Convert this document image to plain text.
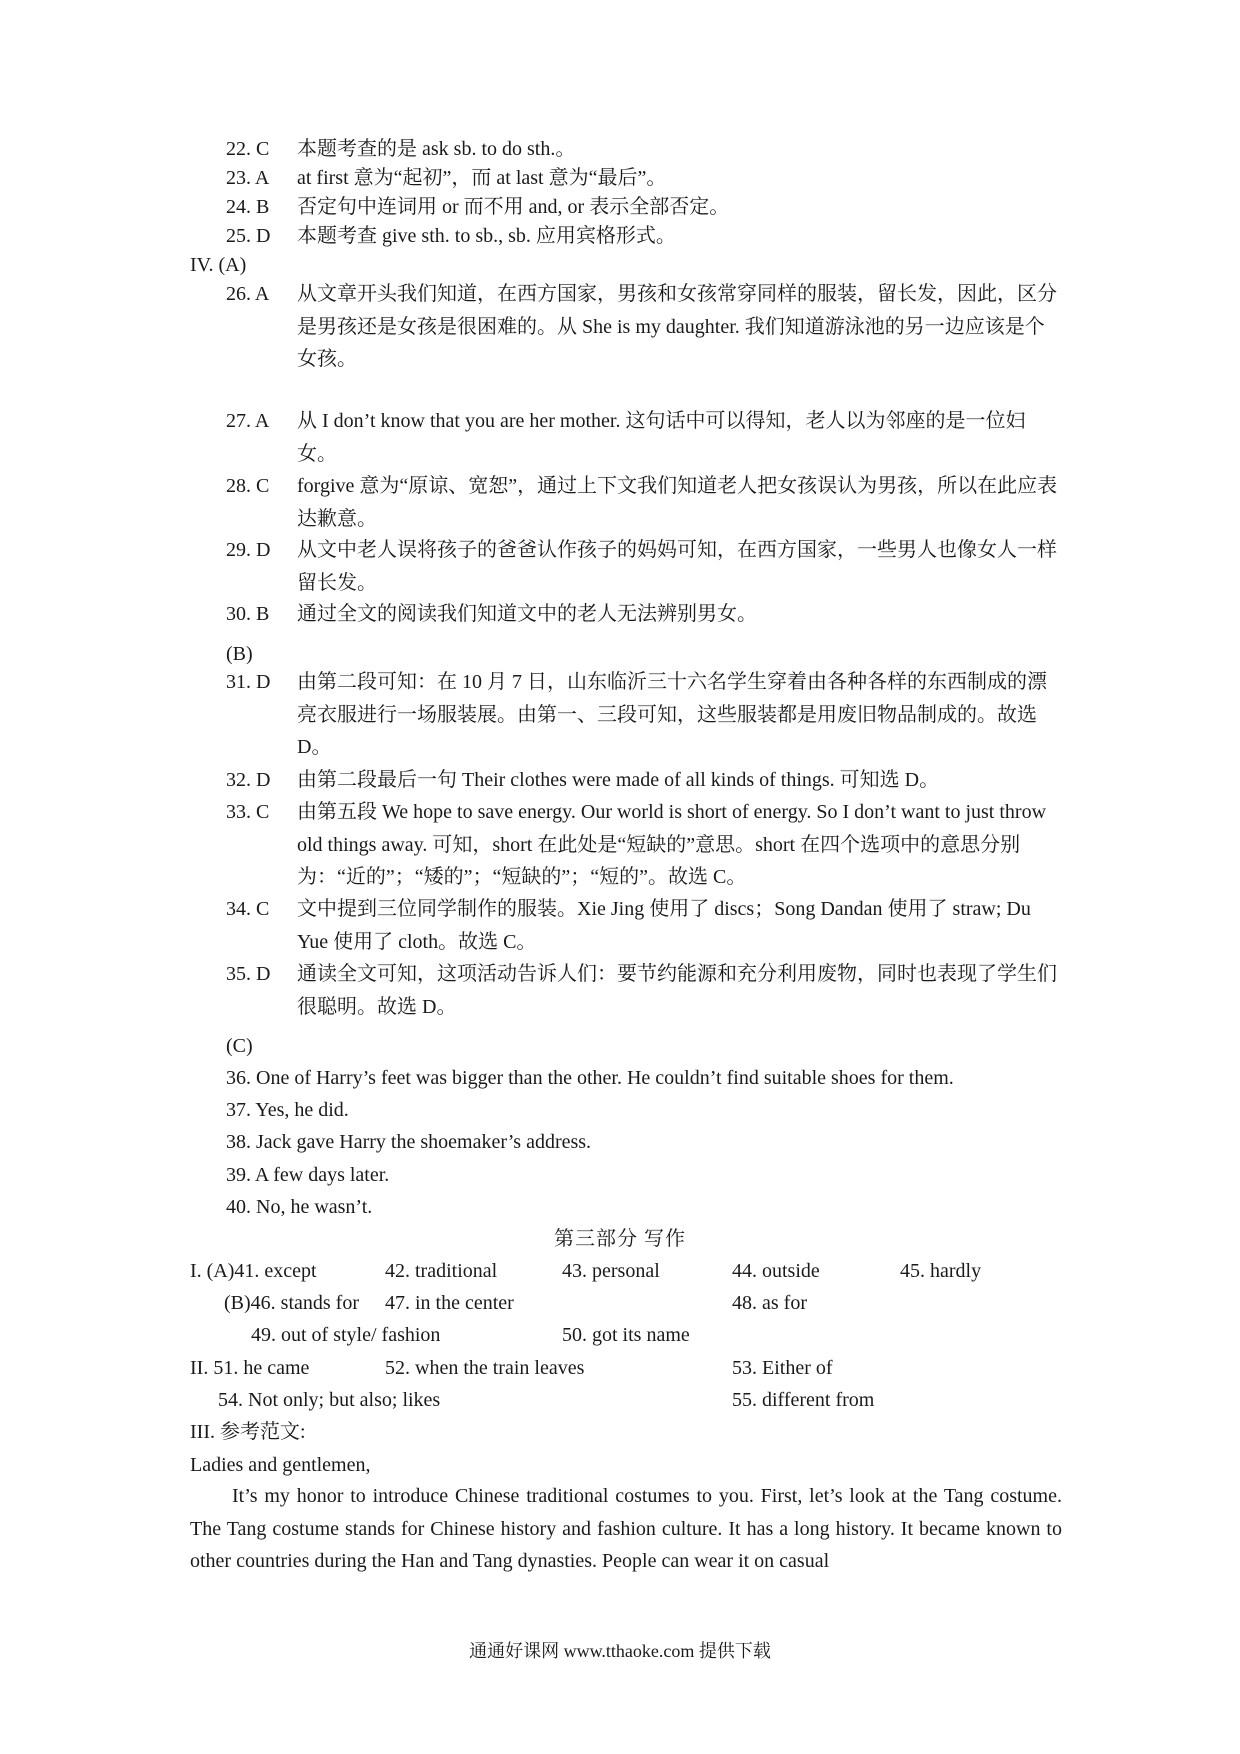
22. C	本题考查的是 ask sb. to do sth.。
23. A	at first 意为“起初”，而 at last 意为“最后”。
24. B	否定句中连词用 or 而不用 and, or 表示全部否定。
25. D	本题考查 give sth. to sb., sb. 应用宾格形式。
IV. (A)
26. A	从文章开头我们知道，在西方国家，男孩和女孩常穿同样的服装，留长发，因此，区分是男孩还是女孩是很困难的。从 She is my daughter. 我们知道游泳池的另一边应该是个女孩。
27. A	从 I don’t know that you are her mother. 这句话中可以得知，老人以为邻座的是一位妇女。
28. C	forgive 意为“原谅、宽恕”，通过上下文我们知道老人把女孩误认为男孩，所以在此应表达歉意。
29. D	从文中老人误将孩子的爸爸认作孩子的妈妈可知，在西方国家，一些男人也像女人一样留长发。
30. B	通过全文的阅读我们知道文中的老人无法辨别男女。
(B)
31. D	由第二段可知：在 10 月 7 日，山东临沂三十六名学生穿着由各种各样的东西制成的漂亮衣服进行一场服装展。由第一、三段可知，这些服装都是用废旧物品制成的。故选 D。
32. D	由第二段最后一句 Their clothes were made of all kinds of things. 可知选 D。
33. C	由第五段 We hope to save energy. Our world is short of energy. So I don’t want to just throw old things away. 可知，short 在此处是“短缺的”意思。short 在四个选项中的意思分别为：“近的”；“矮的”；“短缺的”；“短的”。故选 C。
34. C	文中提到三位同学制作的服装。Xie Jing 使用了 discs；Song Dandan 使用了 straw; Du Yue 使用了 cloth。故选 C。
35. D	通读全文可知，这项活动告诉人们：要节约能源和充分利用废物，同时也表现了学生们很聪明。故选 D。
(C)
36. One of Harry’s feet was bigger than the other. He couldn’t find suitable shoes for them.
37. Yes, he did.
38. Jack gave Harry the shoemaker’s address.
39. A few days later.
40. No, he wasn’t.
第三部分 写作
I. (A)41. except	42. traditional	43. personal	44. outside	45. hardly
(B)46. stands for 47. in the center	48. as for
49. out of style/ fashion	50. got its name
II. 51. he came	52. when the train leaves	53. Either of
54. Not only; but also; likes	55. different from
III. 参考范文:
Ladies and gentlemen,

It’s my honor to introduce Chinese traditional costumes to you. First, let’s look at the Tang costume. The Tang costume stands for Chinese history and fashion culture. It has a long history. It became known to other countries during the Han and Tang dynasties. People can wear it on casual

通通好课网 www.tthaoke.com 提供下载
